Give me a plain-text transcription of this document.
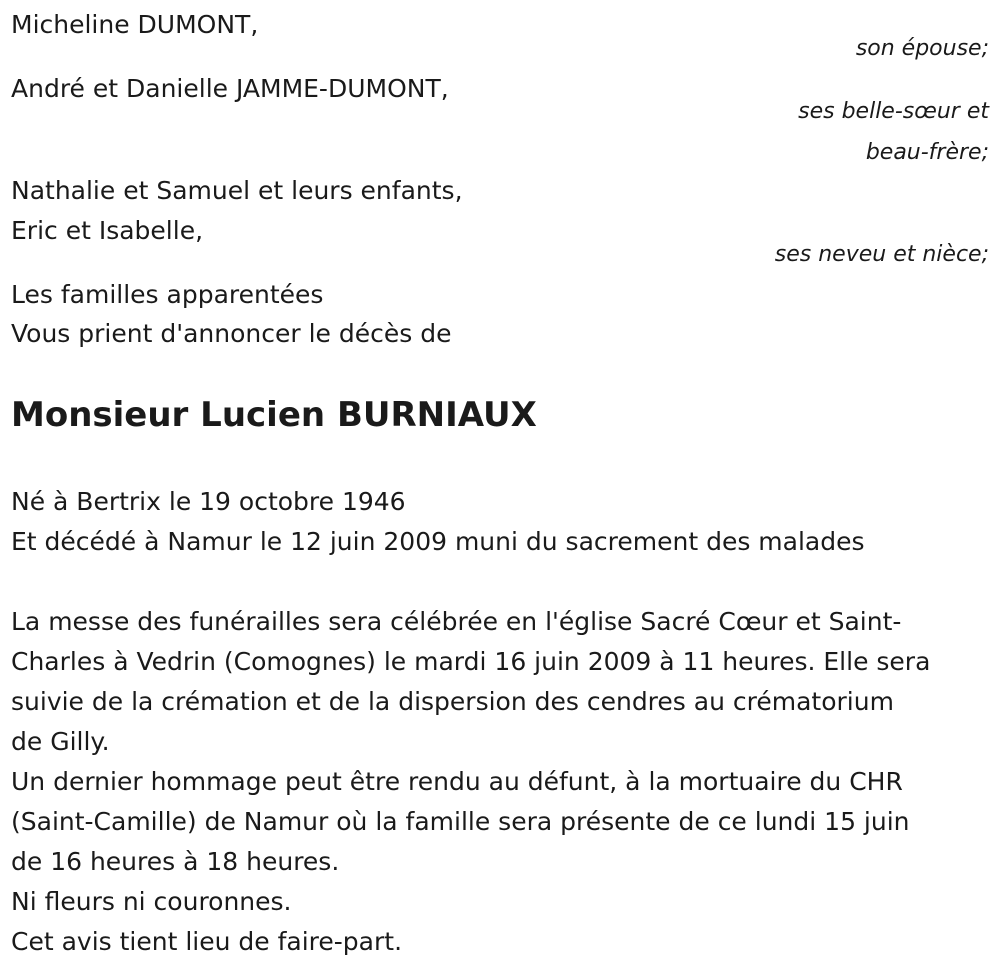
Micheline DUMONT,
son épouse;
André et Danielle JAMME-DUMONT,
ses belle-sœur et
beau-frère;
Nathalie et Samuel et leurs enfants,
Eric et Isabelle,
ses neveu et nièce;
Les familles apparentées
Vous prient d'annoncer le décès de
Monsieur Lucien BURNIAUX
Né à Bertrix le 19 octobre 1946
Et décédé à Namur le 12 juin 2009 muni du sacrement des malades
La messe des funérailles sera célébrée en l'église Sacré Cœur et Saint-
Charles à Vedrin (Comognes) le mardi 16 juin 2009 à 11 heures. Elle sera
suivie de la crémation et de la dispersion des cendres au crématorium
de Gilly.
Un dernier hommage peut être rendu au défunt, à la mortuaire du CHR
(Saint-Camille) de Namur où la famille sera présente de ce lundi 15 juin
de 16 heures à 18 heures.
Ni fleurs ni couronnes.
Cet avis tient lieu de faire-part.
